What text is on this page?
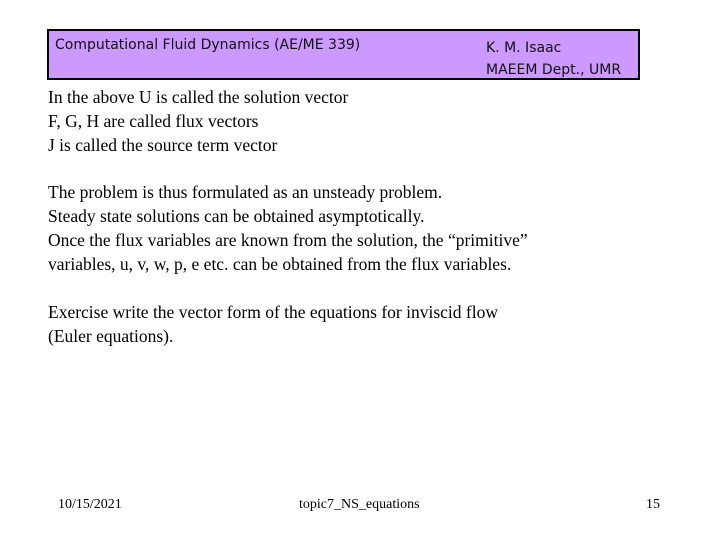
Computational Fluid Dynamics (AE/ME 339)	K. M. Isaac
MAEEM Dept., UMR
In the above U is called the solution vector
F, G, H are called flux vectors
J is called the source term vector
The problem is thus formulated as an unsteady problem.
Steady state solutions can be obtained asymptotically.
Once the flux variables are known from the solution, the “primitive”
variables, u, v, w, p, e etc. can be obtained from the flux variables.
Exercise write the vector form of the equations for inviscid flow
(Euler equations).
10/15/2021	topic7_NS_equations	15
